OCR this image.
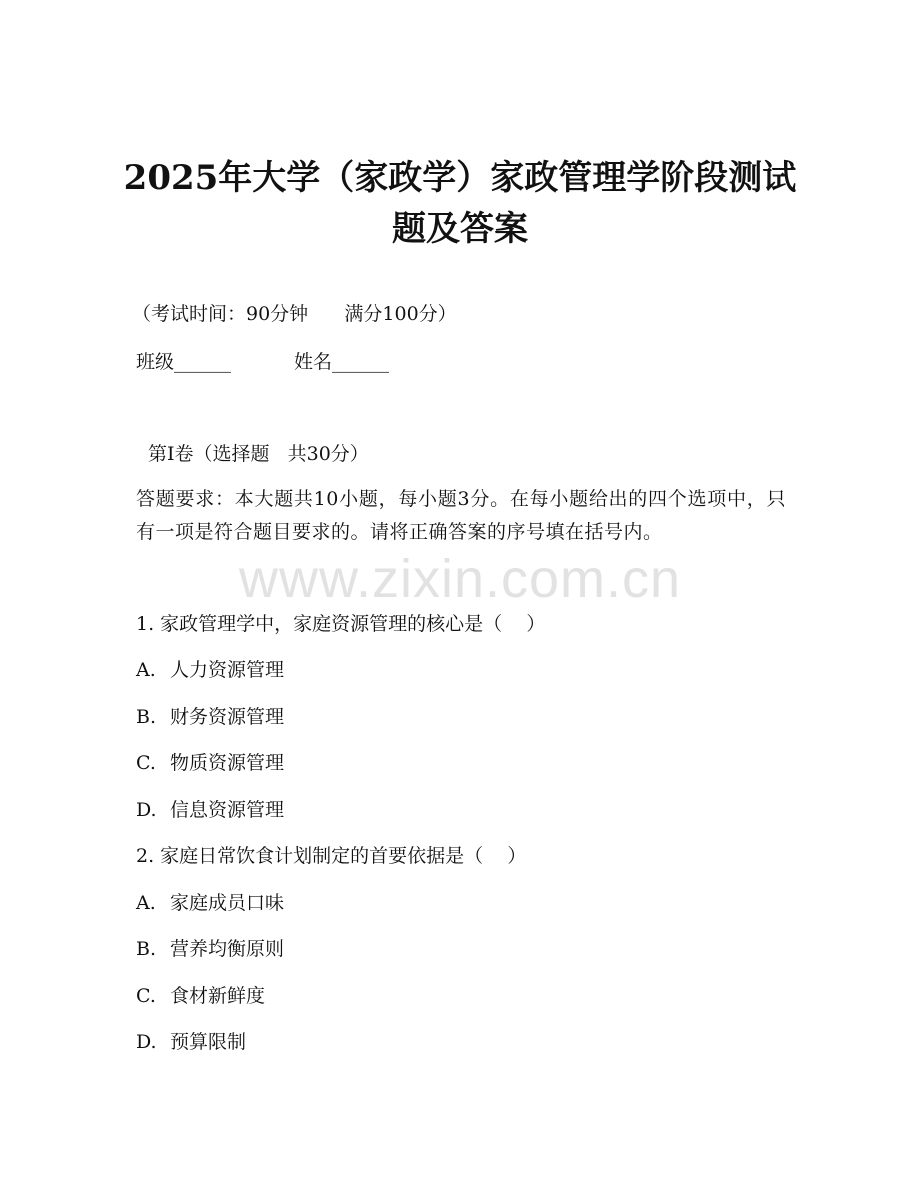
2025年大学（家政学）家政管理学阶段测试
题及答案
（考试时间：90分钟      满分100分）
班级______	姓名______
第I卷（选择题   共30分）
答题要求：本大题共10小题，每小题3分。在每小题给出的四个选项中，只有一项是符合题目要求的。请将正确答案的序号填在括号内。
www.zixin.com.cn
1. 家政管理学中，家庭资源管理的核心是（    ）
A. 人力资源管理
B. 财务资源管理
C. 物质资源管理
D. 信息资源管理
2. 家庭日常饮食计划制定的首要依据是（    ）
A. 家庭成员口味
B. 营养均衡原则
C. 食材新鲜度
D. 预算限制
